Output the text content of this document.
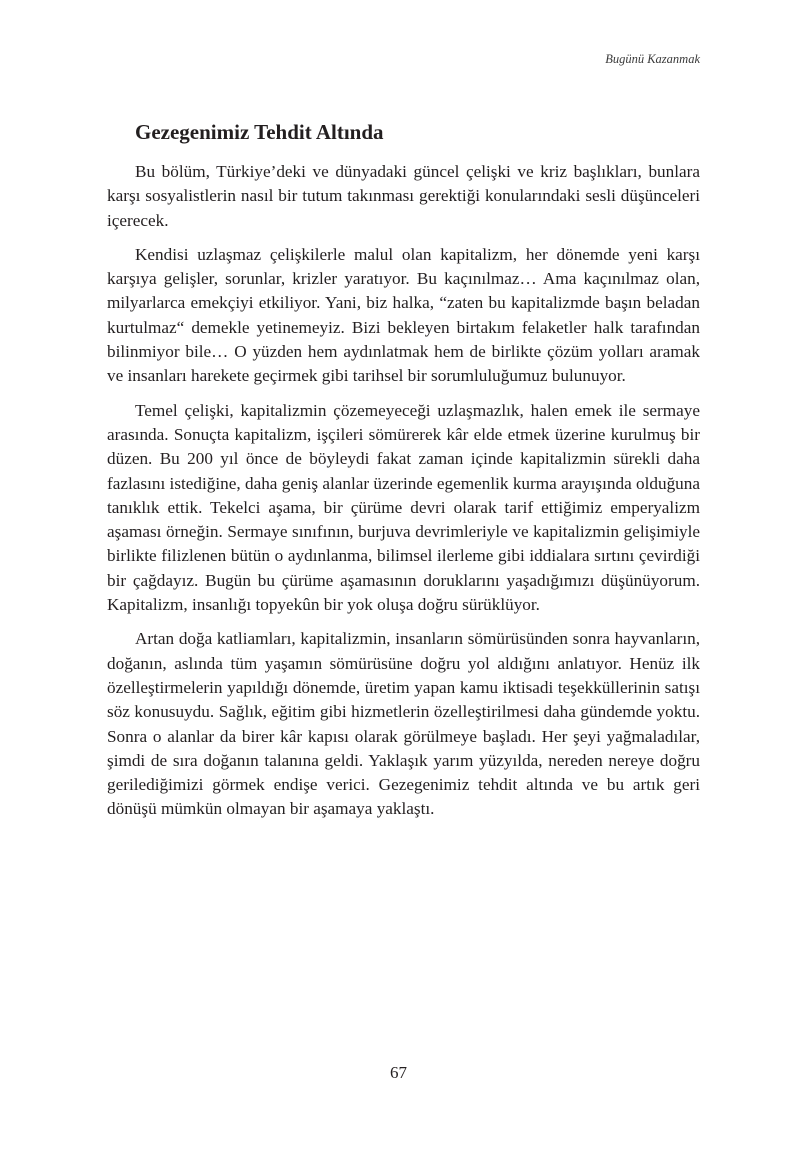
Bugünü Kazanmak
Gezegenimiz Tehdit Altında

Bu bölüm, Türkiye’deki ve dünyadaki güncel çelişki ve kriz başlıkları, bunlara karşı sosyalistlerin nasıl bir tutum takınması gerektiği konularındaki sesli düşünceleri içerecek.

Kendisi uzlaşmaz çelişkilerle malul olan kapitalizm, her dönemde yeni karşı karşıya gelişler, sorunlar, krizler yaratıyor. Bu kaçınılmaz… Ama kaçınılmaz olan, milyarlarca emekçiyi etkiliyor. Yani, biz halka, “zaten bu kapitalizmde başın beladan kurtulmaz“ demekle yetinemeyiz. Bizi bekleyen birtakım felaketler halk tarafından bilinmiyor bile… O yüzden hem aydınlatmak hem de birlikte çözüm yolları aramak ve insanları harekete geçirmek gibi tarihsel bir sorumluluğumuz bulunuyor.

Temel çelişki, kapitalizmin çözemeyeceği uzlaşmazlık, halen emek ile sermaye arasında. Sonuçta kapitalizm, işçileri sömürerek kâr elde etmek üzerine kurulmuş bir düzen. Bu 200 yıl önce de böyleydi fakat zaman içinde kapitalizmin sürekli daha fazlasını istediğine, daha geniş alanlar üzerinde egemenlik kurma arayışında olduğuna tanıklık ettik. Tekelci aşama, bir çürüme devri olarak tarif ettiğimiz emperyalizm aşaması örneğin. Sermaye sınıfının, burjuva devrimleriyle ve kapitalizmin gelişimiyle birlikte filizlenen bütün o aydınlanma, bilimsel ilerleme gibi iddialara sırtını çevirdiği bir çağdayız. Bugün bu çürüme aşamasının doruklarını yaşadığımızı düşünüyorum. Kapitalizm, insanlığı topyekûn bir yok oluşa doğru sürüklüyor.

Artan doğa katliamları, kapitalizmin, insanların sömürüsünden sonra hayvanların, doğanın, aslında tüm yaşamın sömürüsüne doğru yol aldığını anlatıyor. Henüz ilk özelleştirmelerin yapıldığı dönemde, üretim yapan kamu iktisadi teşekküllerinin satışı söz konusuydu. Sağlık, eğitim gibi hizmetlerin özelleştirilmesi daha gündemde yoktu. Sonra o alanlar da birer kâr kapısı olarak görülmeye başladı. Her şeyi yağmaladılar, şimdi de sıra doğanın talanına geldi. Yaklaşık yarım yüzyılda, nereden nereye doğru gerilediğimizi görmek endişe verici. Gezegenimiz tehdit altında ve bu artık geri dönüşü mümkün olmayan bir aşamaya yaklaştı.

67
